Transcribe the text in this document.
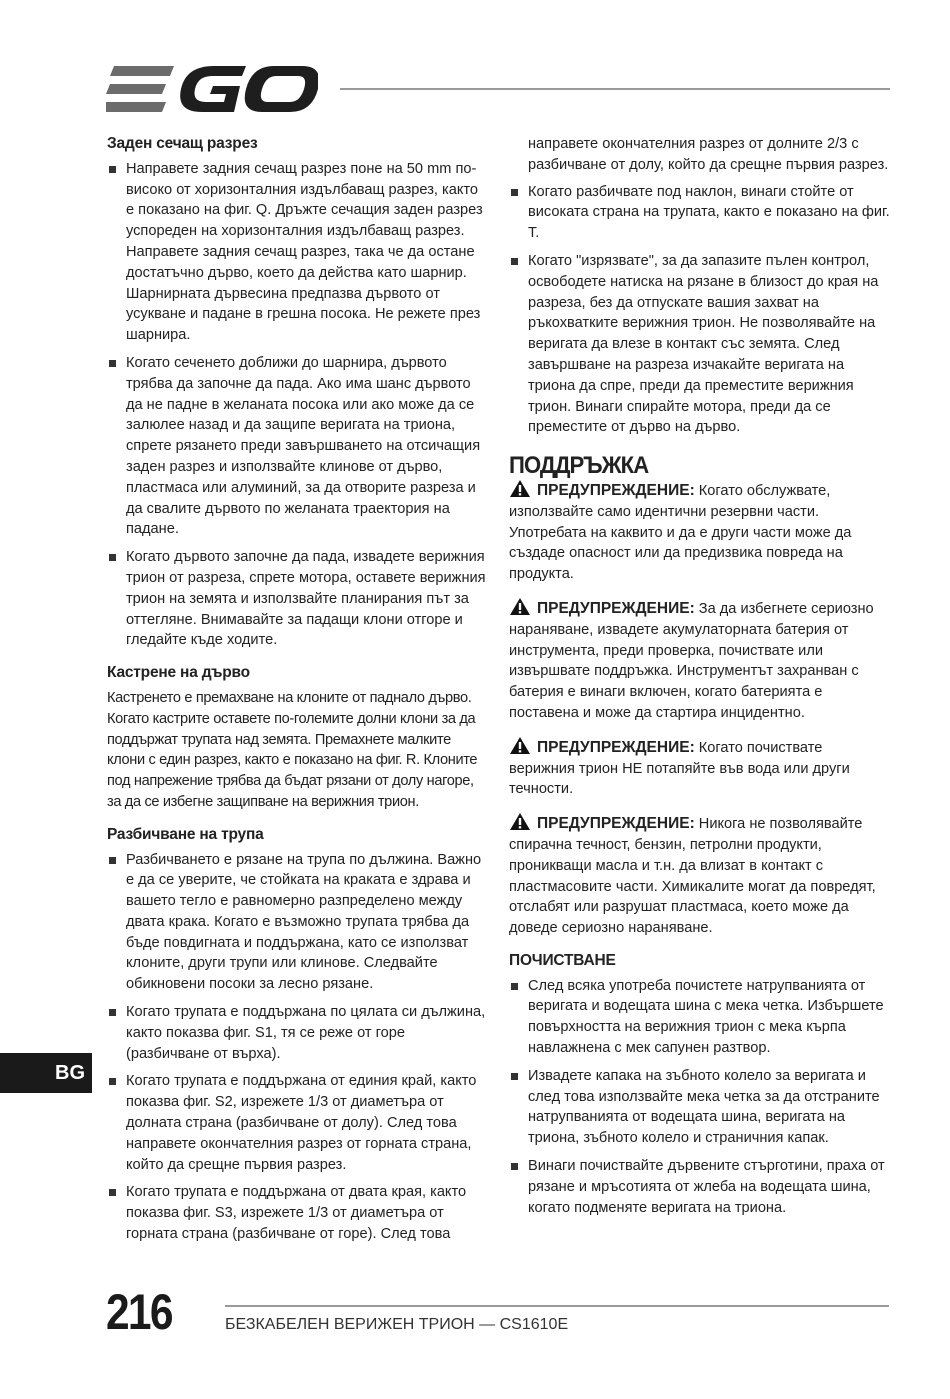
Заден сечащ разрез
Направете задния сечащ разрез поне на 50 mm по-високо от хоризонталния издълбаващ разрез, както е показано на фиг. Q. Дръжте сечащия заден разрез успореден на хоризонталния издълбаващ разрез. Направете задния сечащ разрез, така че да остане достатъчно дърво, което да действа като шарнир. Шарнирната дървесина предпазва дървото от усукване и падане в грешна посока. Не режете през шарнира.
Когато сеченето доближи до шарнира, дървото трябва да започне да пада. Ако има шанс дървото да не падне в желаната посока или ако може да се залюлее назад и да защипе веригата на триона, спрете рязането преди завършването на отсичащия заден разрез и използвайте клинове от дърво, пластмаса или алуминий, за да отворите разреза и да свалите дървото по желаната траектория на падане.
Когато дървото започне да пада, извадете верижния трион от разреза, спрете мотора, оставете верижния трион на земята и използвайте планирания път за оттегляне. Внимавайте за падащи клони отгоре и гледайте къде ходите.
Кастрене на дърво

Кастренето е премахване на клоните от паднало дърво. Когато кастрите оставете по-големите долни клони за да поддържат трупата над земята. Премахнете малките клони с един разрез, както е показано на фиг. R. Клоните под напрежение трябва да бъдат рязани от долу нагоре, за да се избегне защипване на верижния трион.

Разбичване на трупа
Разбичването е рязане на трупа по дължина. Важно е да се уверите, че стойката на краката е здрава и вашето тегло е равномерно разпределено между двата крака. Когато е възможно трупата трябва да бъде повдигната и поддържана, като се използват клоните, други трупи или клинове. Следвайте обикновени посоки за лесно рязане.
Когато трупата е поддържана по цялата си дължина, както показва фиг. S1, тя се реже от горе (разбичване от върха).
Когато трупата е поддържана от единия край, както показва фиг. S2, изрежете 1/3 от диаметъра от долната страна (разбичване от долу). След това направете окончателния разрез от горната страна, който да срещне първия разрез.
Когато трупата е поддържана от двата края, както показва фиг. S3, изрежете 1/3 от диаметъра от горната страна (разбичване от горе). След това

направете окончателния разрез от долните 2/3 с разбичване от долу, който да срещне първия разрез.

Когато разбичвате под наклон, винаги стойте от високата страна на трупата, както е показано на фиг. T.
Когато "изрязвате", за да запазите пълен контрол, освободете натиска на рязане в близост до края на разреза, без да отпускате вашия захват на ръкохватките верижния трион. Не позволявайте на веригата да влезе в контакт със земята. След завършване на разреза изчакайте веригата на триона да спре, преди да преместите верижния трион. Винаги спирайте мотора, преди да се преместите от дърво на дърво.
ПОДДРЪЖКА
ПРЕДУПРЕЖДЕНИЕ: Когато обслужвате, използвайте само идентични резервни части. Употребата на каквито и да е други части може да създаде опасност или да предизвика повреда на продукта.
ПРЕДУПРЕЖДЕНИЕ: За да избегнете сериозно нараняване, извадете акумулаторната батерия от инструмента, преди проверка, почиствате или извършвате поддръжка. Инструментът захранван с батерия е винаги включен, когато батерията е поставена и може да стартира инцидентно.
ПРЕДУПРЕЖДЕНИЕ: Когато почиствате верижния трион НЕ потапяйте във вода или други течности.
ПРЕДУПРЕЖДЕНИЕ: Никога не позволявайте спирачна течност, бензин, петролни продукти, проникващи масла и т.н. да влизат в контакт с пластмасовите части. Химикалите могат да повредят, отслабят или разрушат пластмаса, което може да доведе сериозно нараняване.
ПОЧИСТВАНЕ
След всяка употреба почистете натрупванията от веригата и водещата шина с мека четка. Избършете повърхността на верижния трион с мека кърпа навлажнена с мек сапунен разтвор.
Извадете капака на зъбното колело за веригата и след това използвайте мека четка за да отстраните натрупванията от водещата шина, веригата на триона, зъбното колело и страничния капак.
Винаги почиствайте дървените стърготини, праха от рязане и мръсотията от жлеба на водещата шина, когато подменяте веригата на триона.
BG
216	БЕЗКАБЕЛЕН ВЕРИЖЕН ТРИОН — CS1610E
